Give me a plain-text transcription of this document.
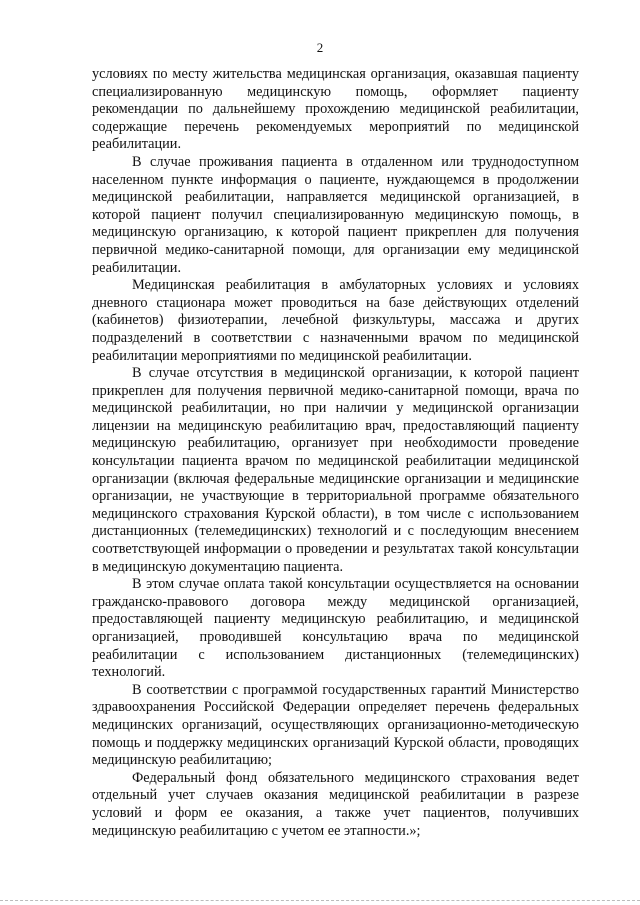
2

условиях по месту жительства медицинская организация, оказавшая пациенту специализированную медицинскую помощь, оформляет пациенту рекомендации по дальнейшему прохождению медицинской реабилитации, содержащие перечень рекомендуемых мероприятий по медицинской реабилитации.

В случае проживания пациента в отдаленном или труднодоступном населенном пункте информация о пациенте, нуждающемся в продолжении медицинской реабилитации, направляется медицинской организацией, в которой пациент получил специализированную медицинскую помощь, в медицинскую организацию, к которой пациент прикреплен для получения первичной медико-санитарной помощи, для организации ему медицинской реабилитации.

Медицинская реабилитация в амбулаторных условиях и условиях дневного стационара может проводиться на базе действующих отделений (кабинетов) физиотерапии, лечебной физкультуры, массажа и других подразделений в соответствии с назначенными врачом по медицинской реабилитации мероприятиями по медицинской реабилитации.

В случае отсутствия в медицинской организации, к которой пациент прикреплен для получения первичной медико-санитарной помощи, врача по медицинской реабилитации, но при наличии у медицинской организации лицензии на медицинскую реабилитацию врач, предоставляющий пациенту медицинскую реабилитацию, организует при необходимости проведение консультации пациента врачом по медицинской реабилитации медицинской организации (включая федеральные медицинские организации и медицинские организации, не участвующие в территориальной программе обязательного медицинского страхования Курской области), в том числе с использованием дистанционных (телемедицинских) технологий и с последующим внесением соответствующей информации о проведении и результатах такой консультации в медицинскую документацию пациента.

В этом случае оплата такой консультации осуществляется на основании гражданско-правового договора между медицинской организацией, предоставляющей пациенту медицинскую реабилитацию, и медицинской организацией, проводившей консультацию врача по медицинской реабилитации с использованием дистанционных (телемедицинских) технологий.

В соответствии с программой государственных гарантий Министерство здравоохранения Российской Федерации определяет перечень федеральных медицинских организаций, осуществляющих организационно-методическую помощь и поддержку медицинских организаций Курской области, проводящих медицинскую реабилитацию;

Федеральный фонд обязательного медицинского страхования ведет отдельный учет случаев оказания медицинской реабилитации в разрезе условий и форм ее оказания, а также учет пациентов, получивших медицинскую реабилитацию с учетом ее этапности.»;
